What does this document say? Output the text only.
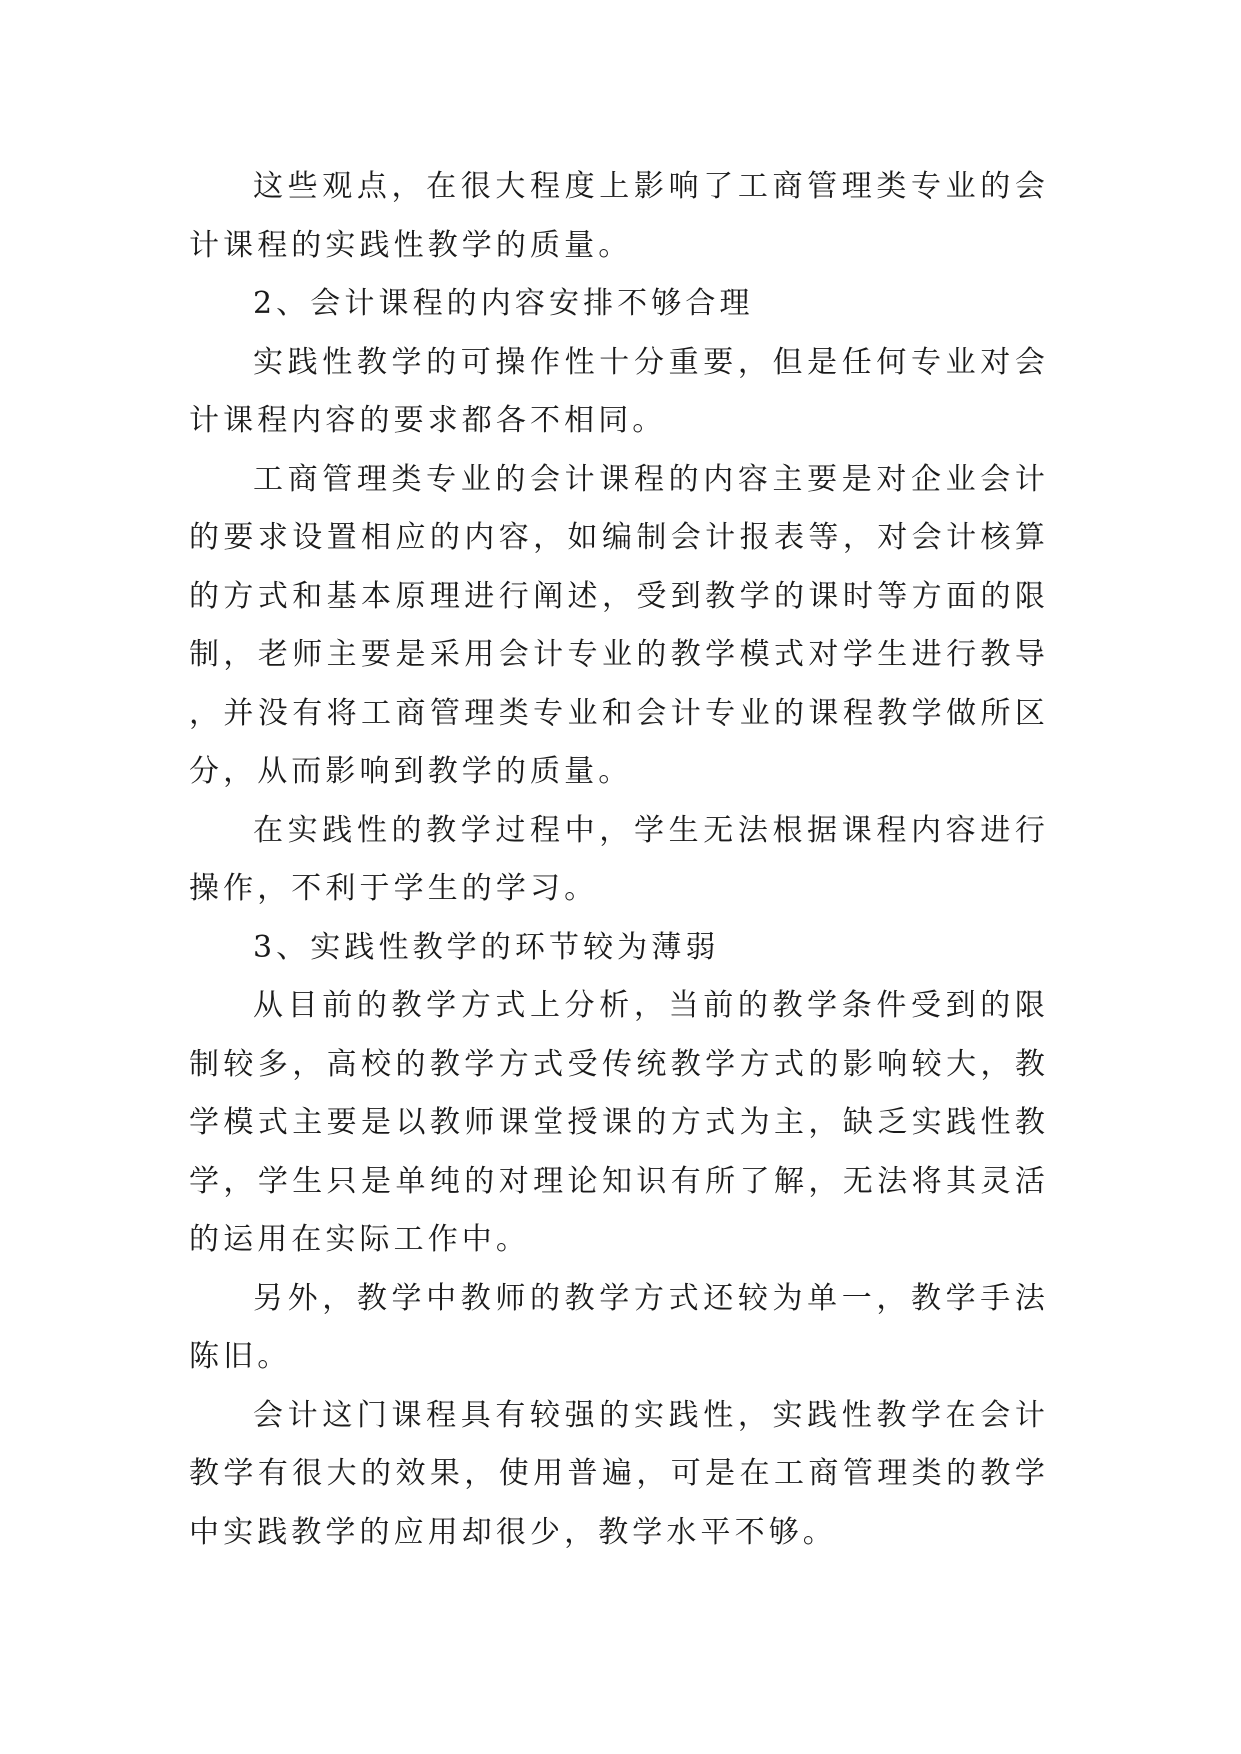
这些观点，在很大程度上影响了工商管理类专业的会计课程的实践性教学的质量。

2、会计课程的内容安排不够合理

实践性教学的可操作性十分重要，但是任何专业对会计课程内容的要求都各不相同。

工商管理类专业的会计课程的内容主要是对企业会计的要求设置相应的内容，如编制会计报表等，对会计核算的方式和基本原理进行阐述，受到教学的课时等方面的限制，老师主要是采用会计专业的教学模式对学生进行教导，并没有将工商管理类专业和会计专业的课程教学做所区分，从而影响到教学的质量。

在实践性的教学过程中，学生无法根据课程内容进行操作，不利于学生的学习。

3、实践性教学的环节较为薄弱

从目前的教学方式上分析，当前的教学条件受到的限制较多，高校的教学方式受传统教学方式的影响较大，教学模式主要是以教师课堂授课的方式为主，缺乏实践性教学，学生只是单纯的对理论知识有所了解，无法将其灵活的运用在实际工作中。

另外，教学中教师的教学方式还较为单一，教学手法陈旧。

会计这门课程具有较强的实践性，实践性教学在会计教学有很大的效果，使用普遍，可是在工商管理类的教学中实践教学的应用却很少，教学水平不够。
